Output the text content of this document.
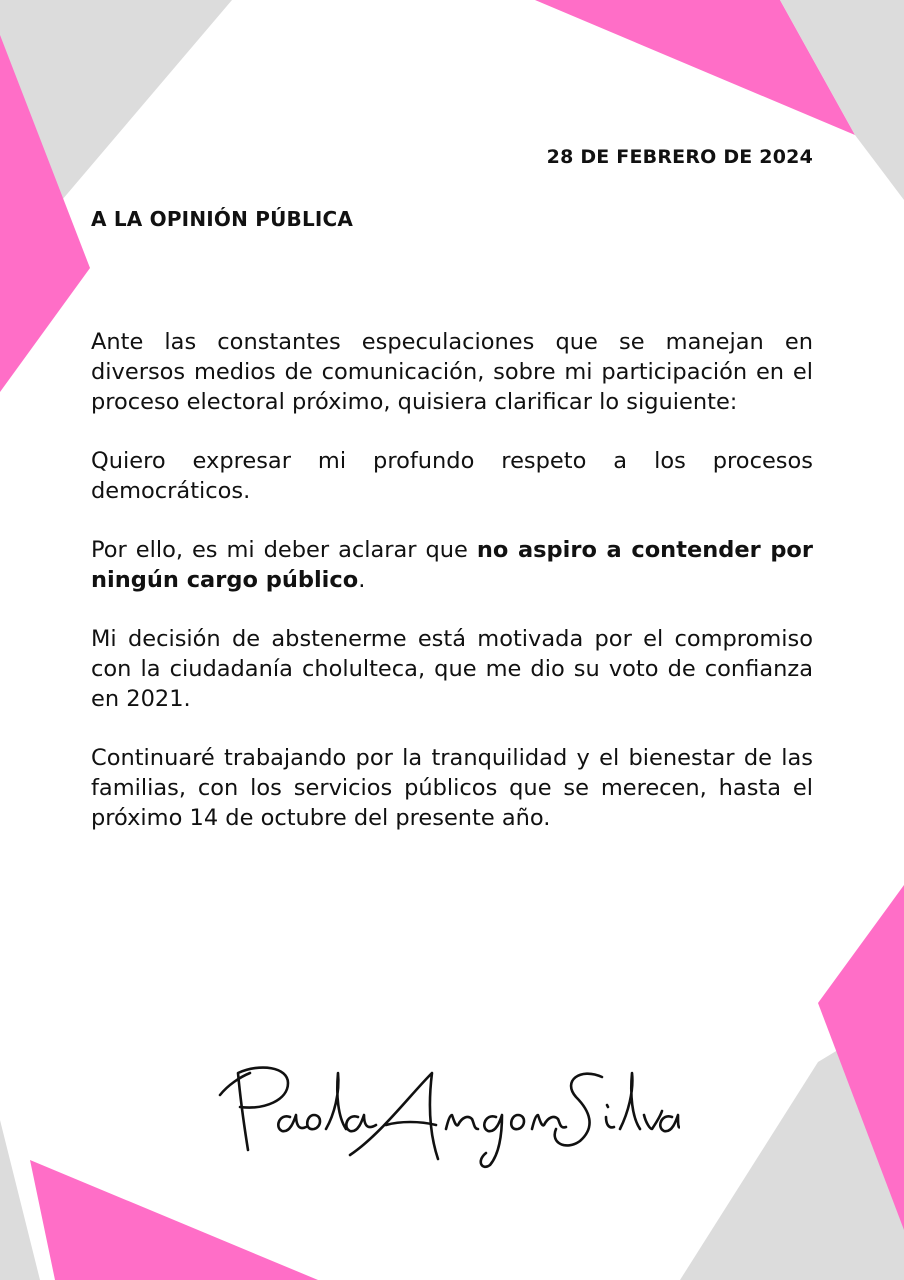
28 DE FEBRERO DE 2024
A LA OPINIÓN PÚBLICA

Ante las constantes especulaciones que se manejan en diversos medios de comunicación, sobre mi participación en el proceso electoral próximo, quisiera clarificar lo siguiente:

Quiero expresar mi profundo respeto a los procesos democráticos.

Por ello, es mi deber aclarar que no aspiro a contender por ningún cargo público.

Mi decisión de abstenerme está motivada por el compromiso con la ciudadanía cholulteca, que me dio su voto de confianza en 2021.

Continuaré trabajando por la tranquilidad y el bienestar de las familias, con los servicios públicos que se merecen, hasta el próximo 14 de octubre del presente año.
